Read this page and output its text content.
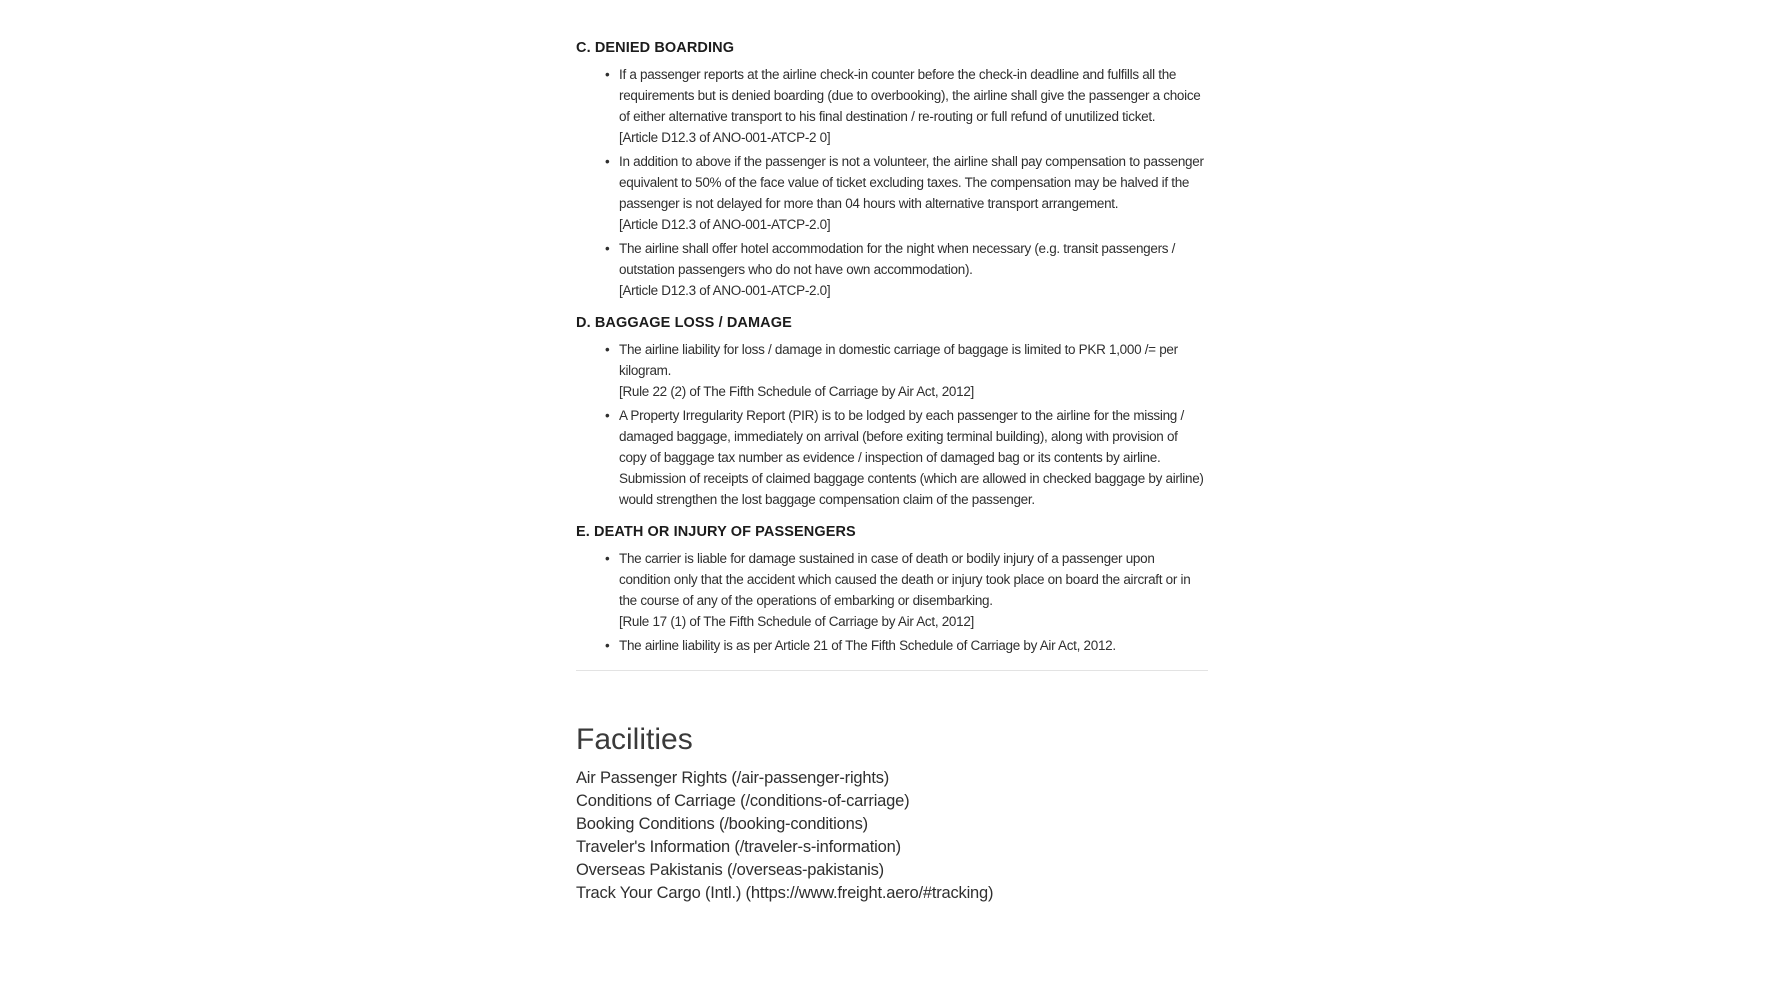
C. DENIED BOARDING
• If a passenger reports at the airline check-in counter before the check-in deadline and fulfills all the requirements but is denied boarding (due to overbooking), the airline shall give the passenger a choice of either alternative transport to his final destination / re-routing or full refund of unutilized ticket.
[Article D12.3 of ANO-001-ATCP-2 0]
• In addition to above if the passenger is not a volunteer, the airline shall pay compensation to passenger equivalent to 50% of the face value of ticket excluding taxes. The compensation may be halved if the passenger is not delayed for more than 04 hours with alternative transport arrangement.
[Article D12.3 of ANO-001-ATCP-2.0]
• The airline shall offer hotel accommodation for the night when necessary (e.g. transit passengers / outstation passengers who do not have own accommodation).
[Article D12.3 of ANO-001-ATCP-2.0]
D. BAGGAGE LOSS / DAMAGE
• The airline liability for loss / damage in domestic carriage of baggage is limited to PKR 1,000 /= per kilogram.
[Rule 22 (2) of The Fifth Schedule of Carriage by Air Act, 2012]
• A Property Irregularity Report (PIR) is to be lodged by each passenger to the airline for the missing / damaged baggage, immediately on arrival (before exiting terminal building), along with provision of copy of baggage tax number as evidence / inspection of damaged bag or its contents by airline. Submission of receipts of claimed baggage contents (which are allowed in checked baggage by airline) would strengthen the lost baggage compensation claim of the passenger.
E. DEATH OR INJURY OF PASSENGERS
• The carrier is liable for damage sustained in case of death or bodily injury of a passenger upon condition only that the accident which caused the death or injury took place on board the aircraft or in the course of any of the operations of embarking or disembarking.
[Rule 17 (1) of The Fifth Schedule of Carriage by Air Act, 2012]
• The airline liability is as per Article 21 of The Fifth Schedule of Carriage by Air Act, 2012.
Facilities
Air Passenger Rights (/air-passenger-rights)
Conditions of Carriage (/conditions-of-carriage)
Booking Conditions (/booking-conditions)
Traveler's Information (/traveler-s-information)
Overseas Pakistanis (/overseas-pakistanis)
Track Your Cargo (Intl.) (https://www.freight.aero/#tracking)
